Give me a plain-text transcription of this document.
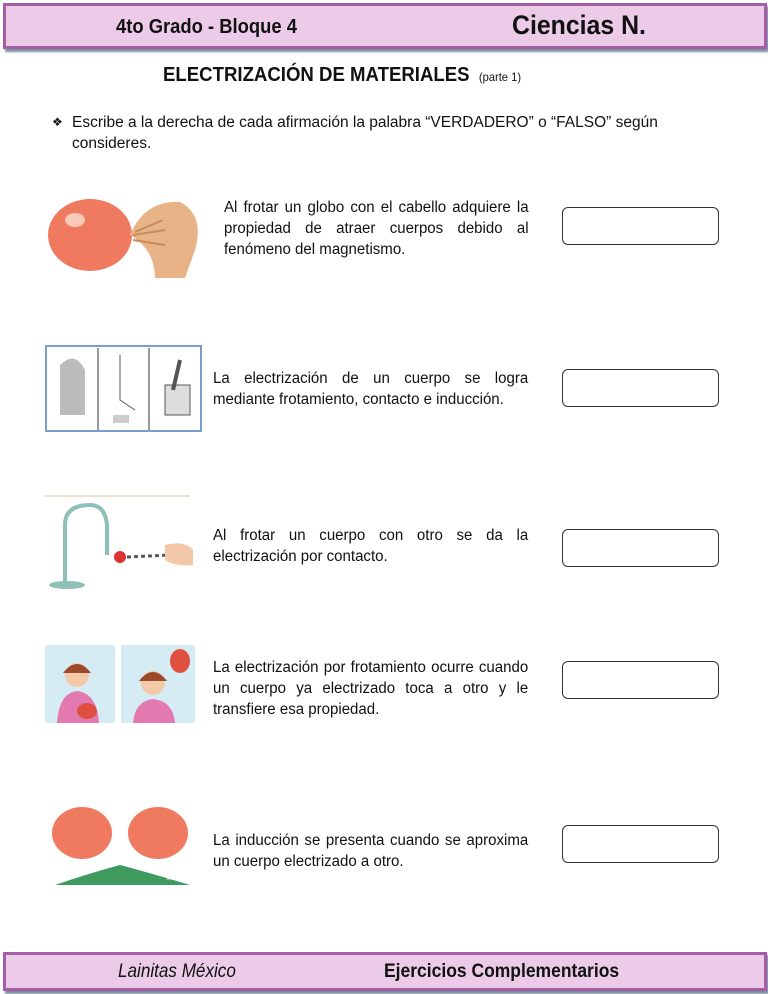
4to Grado - Bloque 4	Ciencias N.
ELECTRIZACIÓN DE MATERIALES (parte 1)
❖ Escribe a la derecha de cada afirmación la palabra “VERDADERO” o “FALSO” según consideres.
Al frotar un globo con el cabello adquiere la propiedad de atraer cuerpos debido al fenómeno del magnetismo.
La electrización de un cuerpo se logra mediante frotamiento, contacto e inducción.
Al frotar un cuerpo con otro se da la electrización por contacto.
La electrización por frotamiento ocurre cuando un cuerpo ya electrizado toca a otro y le transfiere esa propiedad.
Inducción
La inducción se presenta cuando se aproxima un cuerpo electrizado a otro.
Lainitas México	Ejercicios Complementarios
